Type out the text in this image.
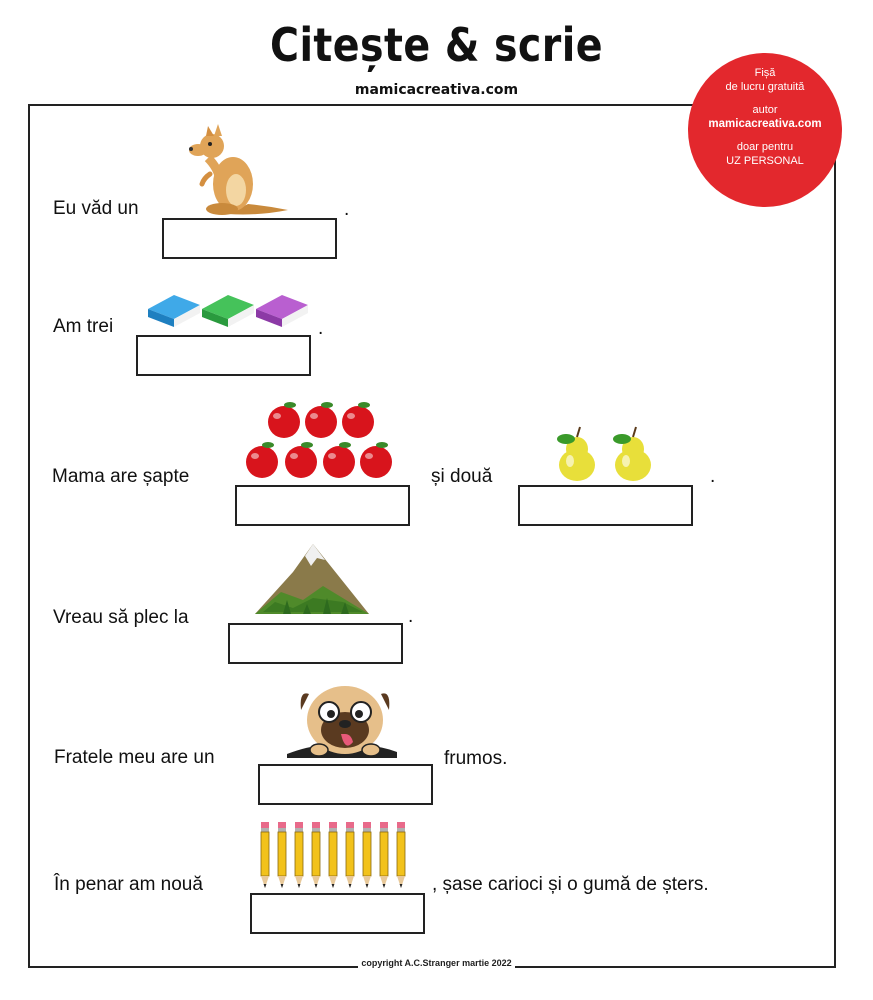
Citește & scrie
mamicacreativa.com
copyright A.C.Stranger martie 2022
Fișă
de lucru gratuită
autor
mamicacreativa.com
doar pentru
UZ PERSONAL
Eu văd un	.
Am trei	.
Mama are șapte	și două	.
Vreau să plec la	.
Fratele meu are un	frumos.
În penar am nouă	, șase carioci și o gumă de șters.
